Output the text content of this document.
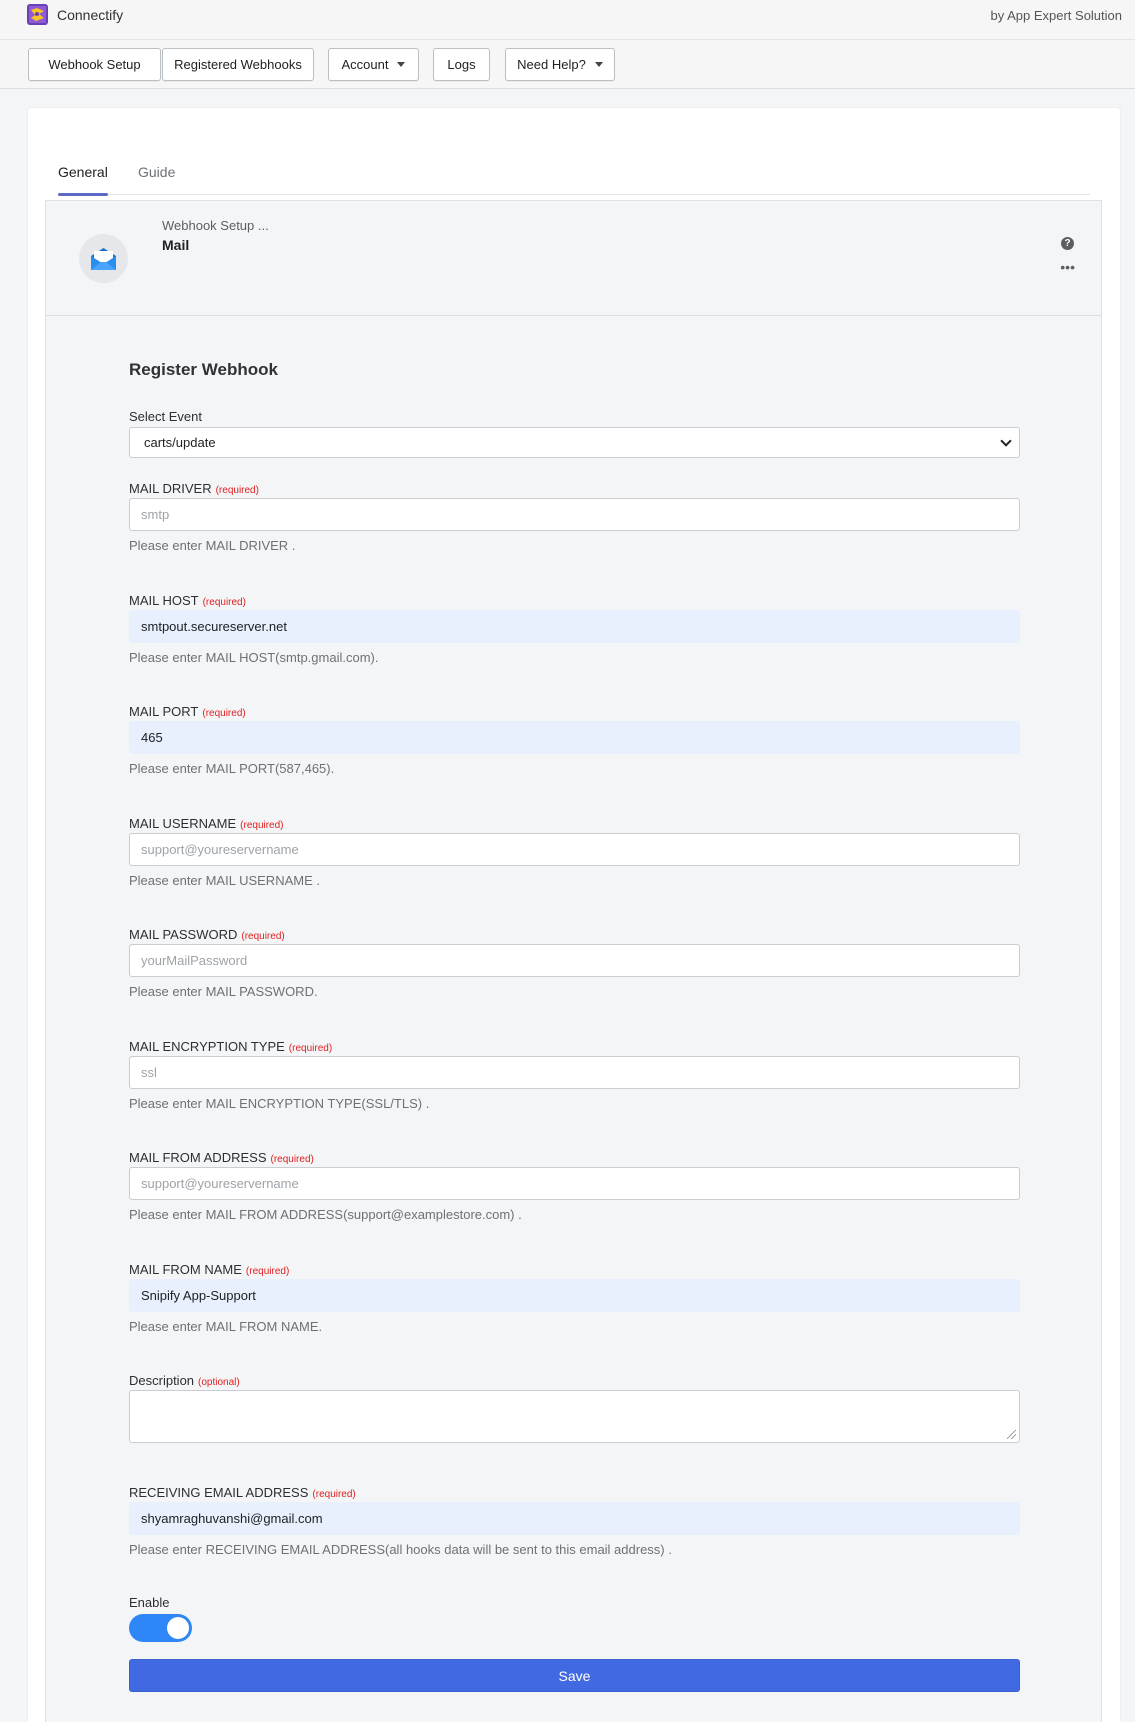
Connectify	by App Expert Solution
Webhook Setup	Registered Webhooks	Account	Logs	Need Help?
General Guide
Webhook Setup ...
Mail	?
•••
Register Webhook
Select Event
carts/update
MAIL DRIVER (required)
smtp
Please enter MAIL DRIVER .
MAIL HOST (required)
smtpout.secureserver.net
Please enter MAIL HOST(smtp.gmail.com).
MAIL PORT (required)
465
Please enter MAIL PORT(587,465).
MAIL USERNAME (required)
support@youreservername
Please enter MAIL USERNAME .
MAIL PASSWORD (required)
yourMailPassword
Please enter MAIL PASSWORD.
MAIL ENCRYPTION TYPE (required)
ssl
Please enter MAIL ENCRYPTION TYPE(SSL/TLS) .
MAIL FROM ADDRESS (required)
support@youreservername
Please enter MAIL FROM ADDRESS(support@examplestore.com) .
MAIL FROM NAME (required)
Snipify App-Support
Please enter MAIL FROM NAME.
Description (optional)
RECEIVING EMAIL ADDRESS (required)
shyamraghuvanshi@gmail.com
Please enter RECEIVING EMAIL ADDRESS(all hooks data will be sent to this email address) .
Enable
Save
